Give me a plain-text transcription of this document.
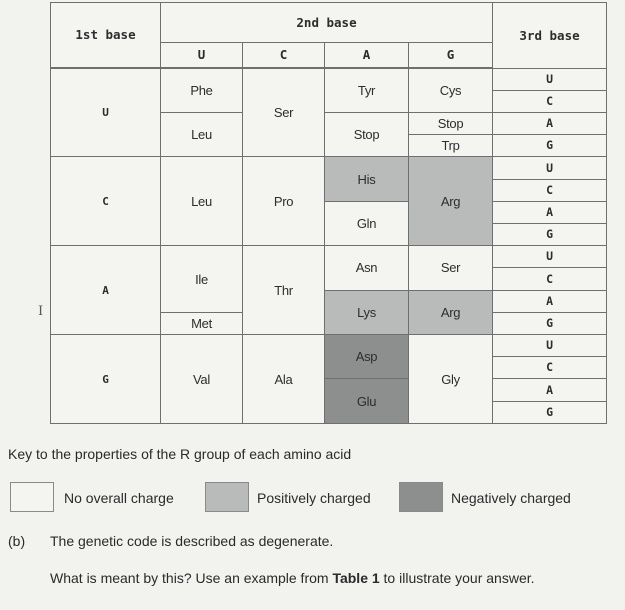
1st base	2nd base				3rd base
	U	C	A	G	

U	Phe	Ser	Tyr	Cys	U
					C
	Leu		Stop	Stop	A
				Trp	G
C	Leu	Pro	His	Arg	U
					C
			Gln		A
					G
A	Ile	Thr	Asn	Ser	U
					C
			Lys	Arg	A
	Met				G
G	Val	Ala	Asp	Gly	U
					C
			Glu		A
					G
I
Key to the properties of the R group of each amino acid
No overall charge	Positively charged	Negatively charged
(b) The genetic code is described as degenerate.
What is meant by this? Use an example from Table 1 to illustrate your answer.
